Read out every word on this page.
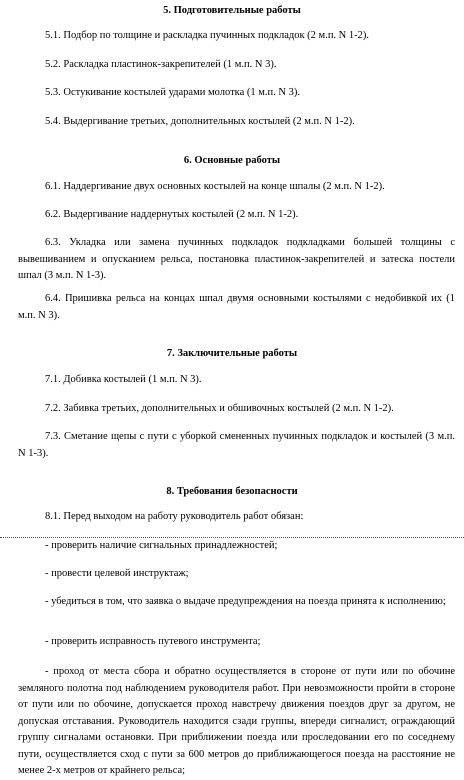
5. Подготовительные работы
5.1. Подбор по толщине и раскладка пучинных подкладок (2 м.п. N 1-2).
5.2. Раскладка пластинок-закрепителей (1 м.п. N 3).
5.3. Остукивание костылей ударами молотка (1 м.п. N 3).
5.4. Выдергивание третьих, дополнительных костылей (2 м.п. N 1-2).
6. Основные работы
6.1. Наддергивание двух основных костылей на конце шпалы (2 м.п. N 1-2).
6.2. Выдергивание наддернутых костылей (2 м.п. N 1-2).
6.3. Укладка или замена пучинных подкладок подкладками большей толщины с вывешиванием и опусканием рельса, постановка пластинок-закрепителей и затеска постели шпал (3 м.п. N 1-3).
6.4. Пришивка рельса на концах шпал двумя основными костылями с недобивкой их (1 м.п. N 3).
7. Заключительные работы
7.1. Добивка костылей (1 м.п. N 3).
7.2. Забивка третьих, дополнительных и обшивочных костылей (2 м.п. N 1-2).
7.3. Сметание щепы с пути с уборкой смененных пучинных подкладок и костылей (3 м.п. N 1-3).
8. Требования безопасности
8.1. Перед выходом на работу руководитель работ обязан:
- проверить наличие сигнальных принадлежностей;
- провести целевой инструктаж;
- убедиться в том, что заявка о выдаче предупреждения на поезда принята к исполнению;
- проверить исправность путевого инструмента;
- проход от места сбора и обратно осуществляется в стороне от пути или по обочине земляного полотна под наблюдением руководителя работ. При невозможности пройти в стороне от пути или по обочине, допускается проход навстречу движения поездов друг за другом, не допуская отставания. Руководитель находится сзади группы, впереди сигналист, ограждающий группу сигналами остановки. При приближении поезда или проследовании его по соседнему пути, осуществляется сход с пути за 600 метров до приближающегося поезда на расстояние не менее 2-х метров от крайнего рельса;
